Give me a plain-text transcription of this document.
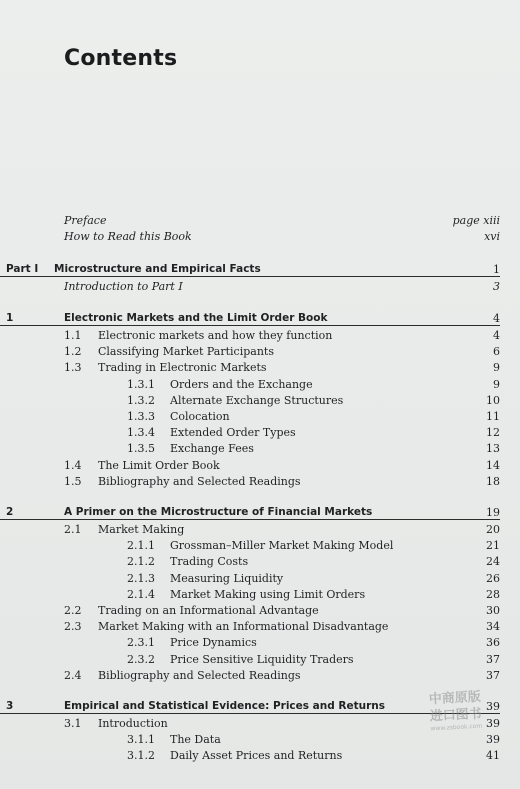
Contents
Preface	page xiii
How to Read this Book	xvi
Part I Microstructure and Empirical Facts	1
Introduction to Part I	3
1	Electronic Markets and the Limit Order Book	4
1.1 Electronic markets and how they function	4
1.2 Classifying Market Participants	6
1.3 Trading in Electronic Markets	9
1.3.1 Orders and the Exchange	9
1.3.2 Alternate Exchange Structures	10
1.3.3 Colocation	11
1.3.4 Extended Order Types	12
1.3.5 Exchange Fees	13
1.4 The Limit Order Book	14
1.5 Bibliography and Selected Readings	18
2	A Primer on the Microstructure of Financial Markets	19
2.1 Market Making	20
2.1.1 Grossman–Miller Market Making Model	21
2.1.2 Trading Costs	24
2.1.3 Measuring Liquidity	26
2.1.4 Market Making using Limit Orders	28
2.2 Trading on an Informational Advantage	30
2.3 Market Making with an Informational Disadvantage	34
2.3.1 Price Dynamics	36
2.3.2 Price Sensitive Liquidity Traders	37
2.4 Bibliography and Selected Readings	37
3	Empirical and Statistical Evidence: Prices and Returns	39
3.1 Introduction	39
3.1.1 The Data	39
3.1.2 Daily Asset Prices and Returns	41
中商原版
进口图书
www.zsbook.com
